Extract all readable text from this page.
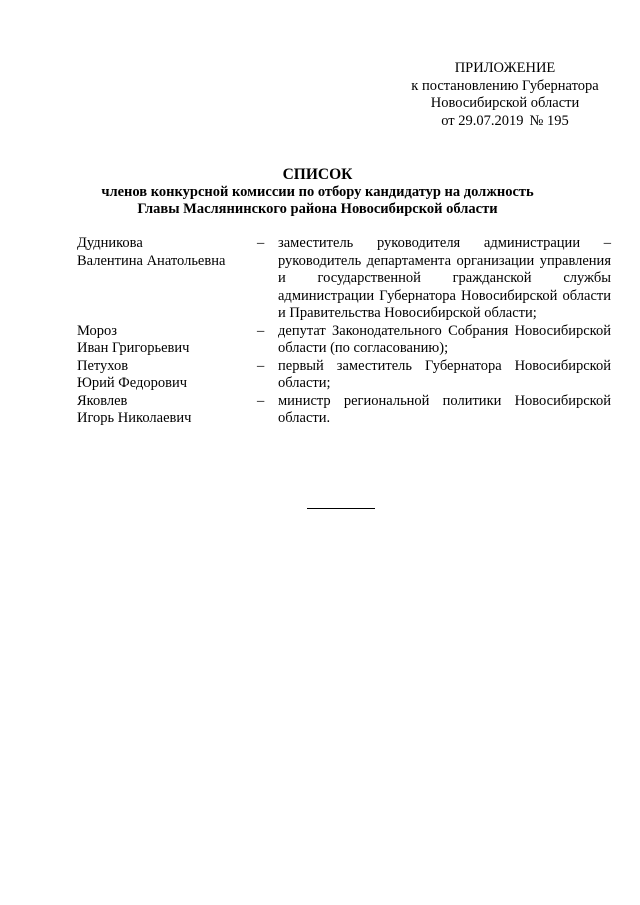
ПРИЛОЖЕНИЕ
к постановлению Губернатора
Новосибирской области
от 29.07.2019 № 195
СПИСОК
членов конкурсной комиссии по отбору кандидатур на должность
Главы Маслянинского района Новосибирской области
Дудникова
Валентина Анатольевна
– заместитель руководителя администрации – руководитель департамента организации управления и государственной гражданской службы администрации Губернатора Новосибирской области и Правительства Новосибирской области;
Мороз
Иван Григорьевич
– депутат Законодательного Собрания Новосибирской области (по согласованию);
Петухов
Юрий Федорович
– первый заместитель Губернатора Новосибирской области;
Яковлев
Игорь Николаевич
– министр региональной политики Новосибирской области.
